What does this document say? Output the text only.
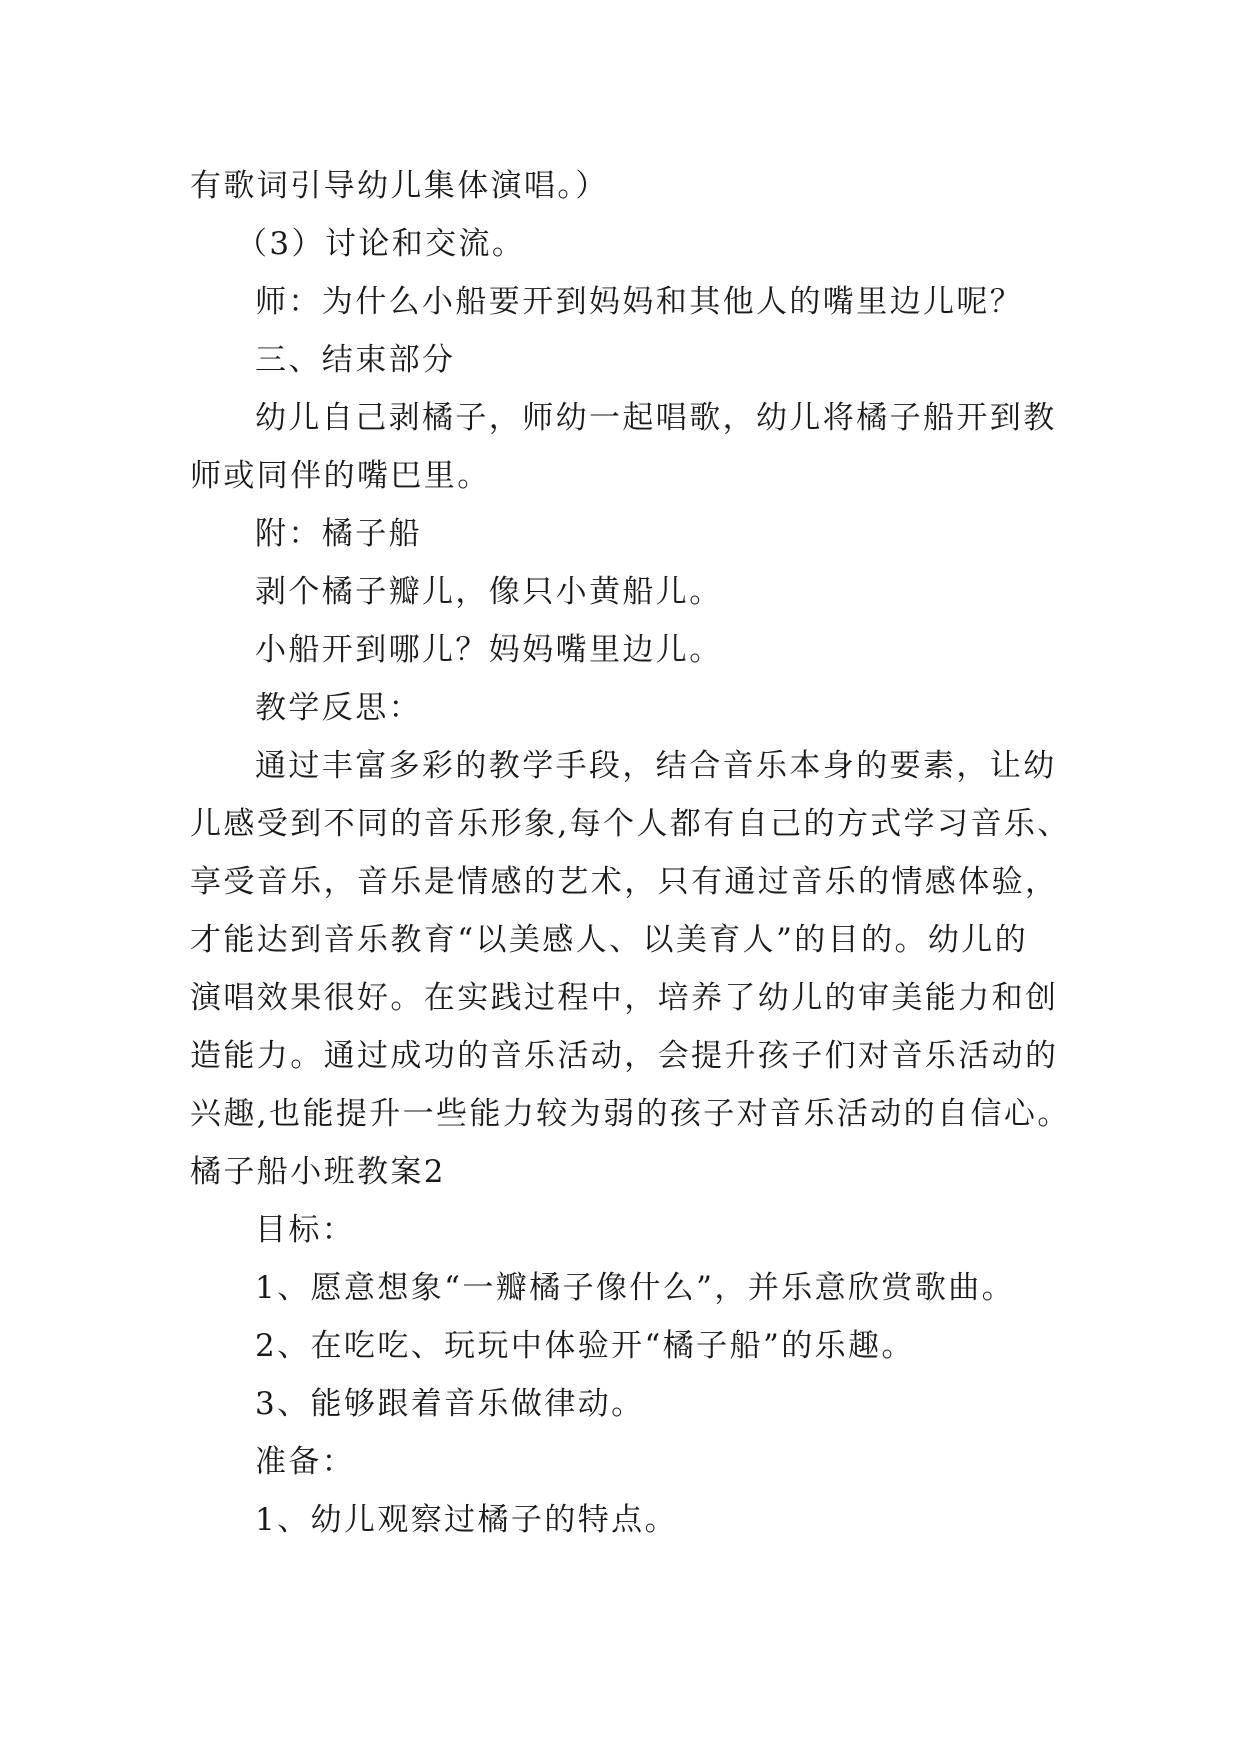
有歌词引导幼儿集体演唱。）
（3）讨论和交流。
师：为什么小船要开到妈妈和其他人的嘴里边儿呢？
三、结束部分
幼儿自己剥橘子，师幼一起唱歌，幼儿将橘子船开到教
师或同伴的嘴巴里。
附：橘子船
剥个橘子瓣儿，像只小黄船儿。
小船开到哪儿？妈妈嘴里边儿。
教学反思：
通过丰富多彩的教学手段，结合音乐本身的要素，让幼
儿感受到不同的音乐形象,每个人都有自己的方式学习音乐、
享受音乐，音乐是情感的艺术，只有通过音乐的情感体验，
才能达到音乐教育“以美感人、以美育人”的目的。幼儿的
演唱效果很好。在实践过程中，培养了幼儿的审美能力和创
造能力。通过成功的音乐活动，会提升孩子们对音乐活动的
兴趣,也能提升一些能力较为弱的孩子对音乐活动的自信心。
橘子船小班教案2
目标：
1、愿意想象“一瓣橘子像什么”，并乐意欣赏歌曲。
2、在吃吃、玩玩中体验开“橘子船”的乐趣。
3、能够跟着音乐做律动。
准备：
1、幼儿观察过橘子的特点。
